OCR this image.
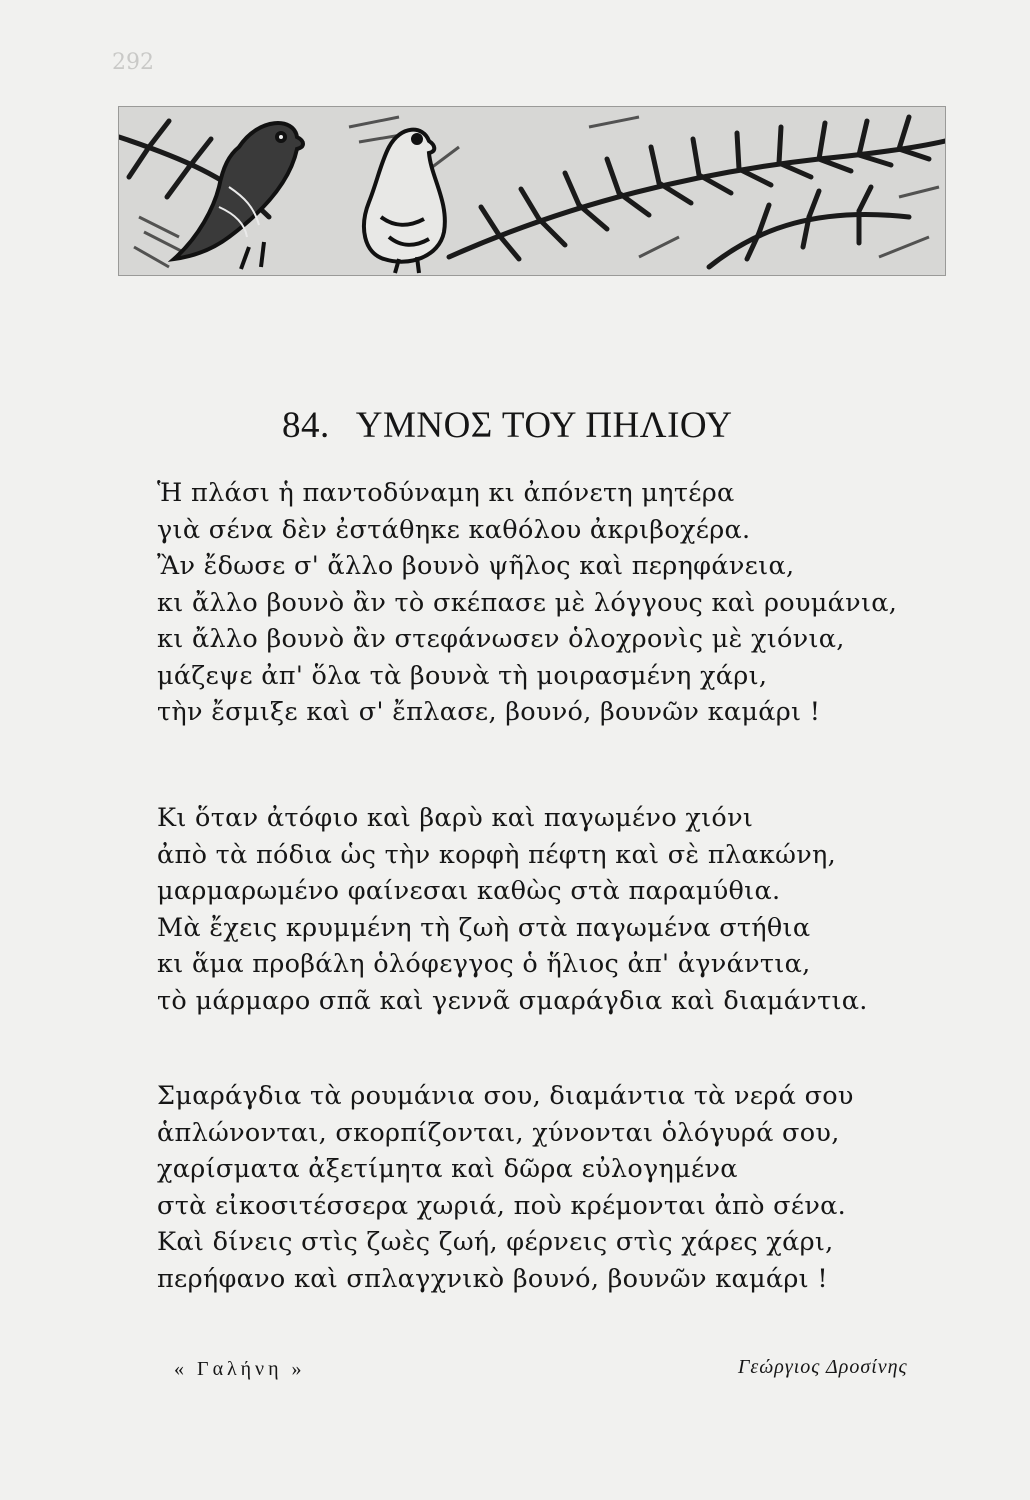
292
84. ΥΜΝΟΣ ΤΟΥ ΠΗΛΙΟΥ
Ἡ πλάσι ἡ παντοδύναμη κι ἀπόνετη μητέρα
γιὰ σένα δὲν ἐστάθηκε καθόλου ἀκριβοχέρα.
Ἂν ἔδωσε σ' ἄλλο βουνὸ ψῆλος καὶ περηφάνεια,
κι ἄλλο βουνὸ ἂν τὸ σκέπασε μὲ λόγγους καὶ ρουμάνια,
κι ἄλλο βουνὸ ἂν στεφάνωσεν ὁλοχρονὶς μὲ χιόνια,
μάζεψε ἀπ' ὅλα τὰ βουνὰ τὴ μοιρασμένη χάρι,
τὴν ἔσμιξε καὶ σ' ἔπλασε, βουνό, βουνῶν καμάρι !
Κι ὅταν ἀτόφιο καὶ βαρὺ καὶ παγωμένο χιόνι
ἀπὸ τὰ πόδια ὡς τὴν κορφὴ πέφτη καὶ σὲ πλακώνη,
μαρμαρωμένο φαίνεσαι καθὼς στὰ παραμύθια.
Μὰ ἔχεις κρυμμένη τὴ ζωὴ στὰ παγωμένα στήθια
κι ἅμα προβάλη ὁλόφεγγος ὁ ἥλιος ἀπ' ἀγνάντια,
τὸ μάρμαρο σπᾶ καὶ γεννᾶ σμαράγδια καὶ διαμάντια.
Σμαράγδια τὰ ρουμάνια σου, διαμάντια τὰ νερά σου
ἁπλώνονται, σκορπίζονται, χύνονται ὁλόγυρά σου,
χαρίσματα ἀξετίμητα καὶ δῶρα εὐλογημένα
στὰ εἰκοσιτέσσερα χωριά, ποὺ κρέμονται ἀπὸ σένα.
Καὶ δίνεις στὶς ζωὲς ζωή, φέρνεις στὶς χάρες χάρι,
περήφανο καὶ σπλαγχνικὸ βουνό, βουνῶν καμάρι !
« Γαλήνη »	Γεώργιος Δροσίνης
